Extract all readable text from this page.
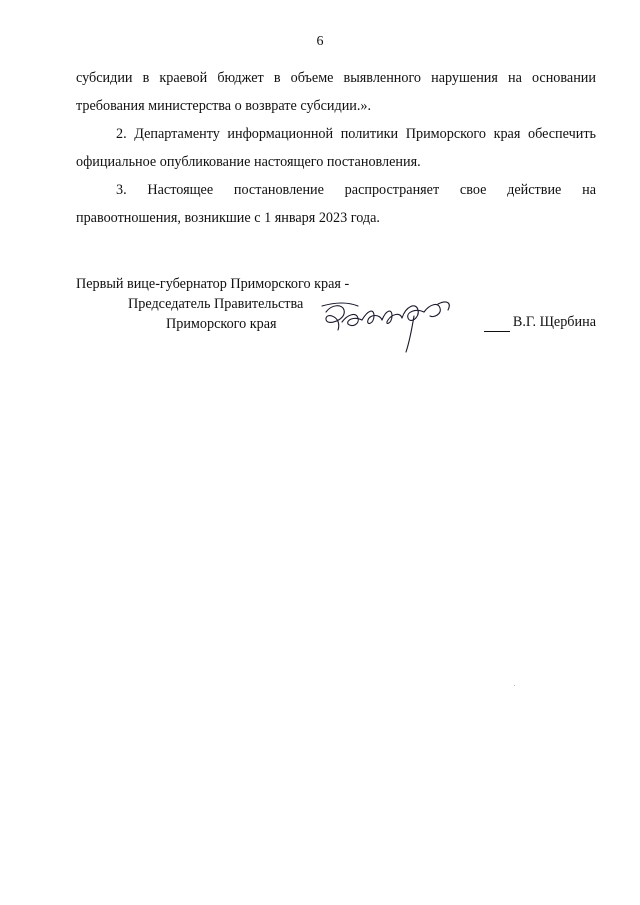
6

субсидии в краевой бюджет в объеме выявленного нарушения на основании требования министерства о возврате субсидии.».

2. Департаменту информационной политики Приморского края обеспечить официальное опубликование настоящего постановления.

3. Настоящее постановление распространяет свое действие на правоотношения, возникшие с 1 января 2023 года.

Первый вице-губернатор Приморского края -
Председатель Правительства
Приморского края	В.Г. Щербина
